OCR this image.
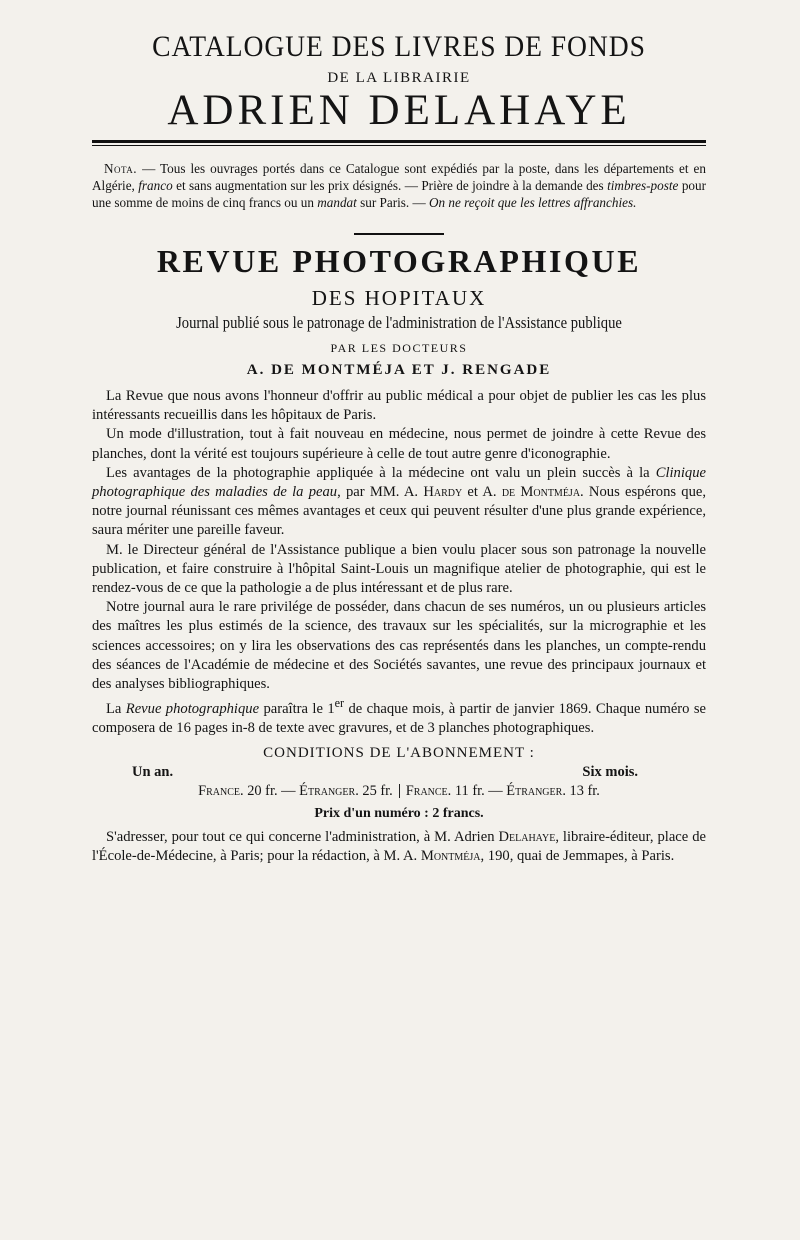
CATALOGUE DES LIVRES DE FONDS
DE LA LIBRAIRIE
ADRIEN DELAHAYE

Nota. — Tous les ouvrages portés dans ce Catalogue sont expédiés par la poste, dans les départements et en Algérie, franco et sans augmentation sur les prix désignés. — Prière de joindre à la demande des timbres-poste pour une somme de moins de cinq francs ou un mandat sur Paris. — On ne reçoit que les lettres affranchies.

REVUE PHOTOGRAPHIQUE
DES HOPITAUX
Journal publié sous le patronage de l'administration de l'Assistance publique
PAR LES DOCTEURS
A. DE MONTMÉJA ET J. RENGADE

La Revue que nous avons l'honneur d'offrir au public médical a pour objet de publier les cas les plus intéressants recueillis dans les hôpitaux de Paris.

Un mode d'illustration, tout à fait nouveau en médecine, nous permet de joindre à cette Revue des planches, dont la vérité est toujours supérieure à celle de tout autre genre d'iconographie.

Les avantages de la photographie appliquée à la médecine ont valu un plein succès à la Clinique photographique des maladies de la peau, par MM. A. Hardy et A. de Montméja. Nous espérons que, notre journal réunissant ces mêmes avantages et ceux qui peuvent résulter d'une plus grande expérience, saura mériter une pareille faveur.

M. le Directeur général de l'Assistance publique a bien voulu placer sous son patronage la nouvelle publication, et faire construire à l'hôpital Saint-Louis un magnifique atelier de photographie, qui est le rendez-vous de ce que la pathologie a de plus intéressant et de plus rare.

Notre journal aura le rare privilége de posséder, dans chacun de ses numéros, un ou plusieurs articles des maîtres les plus estimés de la science, des travaux sur les spécialités, sur la micrographie et les sciences accessoires; on y lira les observations des cas représentés dans les planches, un compte-rendu des séances de l'Académie de médecine et des Sociétés savantes, une revue des principaux journaux et des analyses bibliographiques.

La Revue photographique paraîtra le 1er de chaque mois, à partir de janvier 1869. Chaque numéro se composera de 16 pages in-8 de texte avec gravures, et de 3 planches photographiques.

CONDITIONS DE L'ABONNEMENT :
Un an.	Six mois.
France. 20 fr. — Étranger. 25 fr. France. 11 fr. — Étranger. 13 fr.
Prix d'un numéro : 2 francs.

S'adresser, pour tout ce qui concerne l'administration, à M. Adrien Delahaye, libraire-éditeur, place de l'École-de-Médecine, à Paris; pour la rédaction, à M. A. Montméja, 190, quai de Jemmapes, à Paris.
